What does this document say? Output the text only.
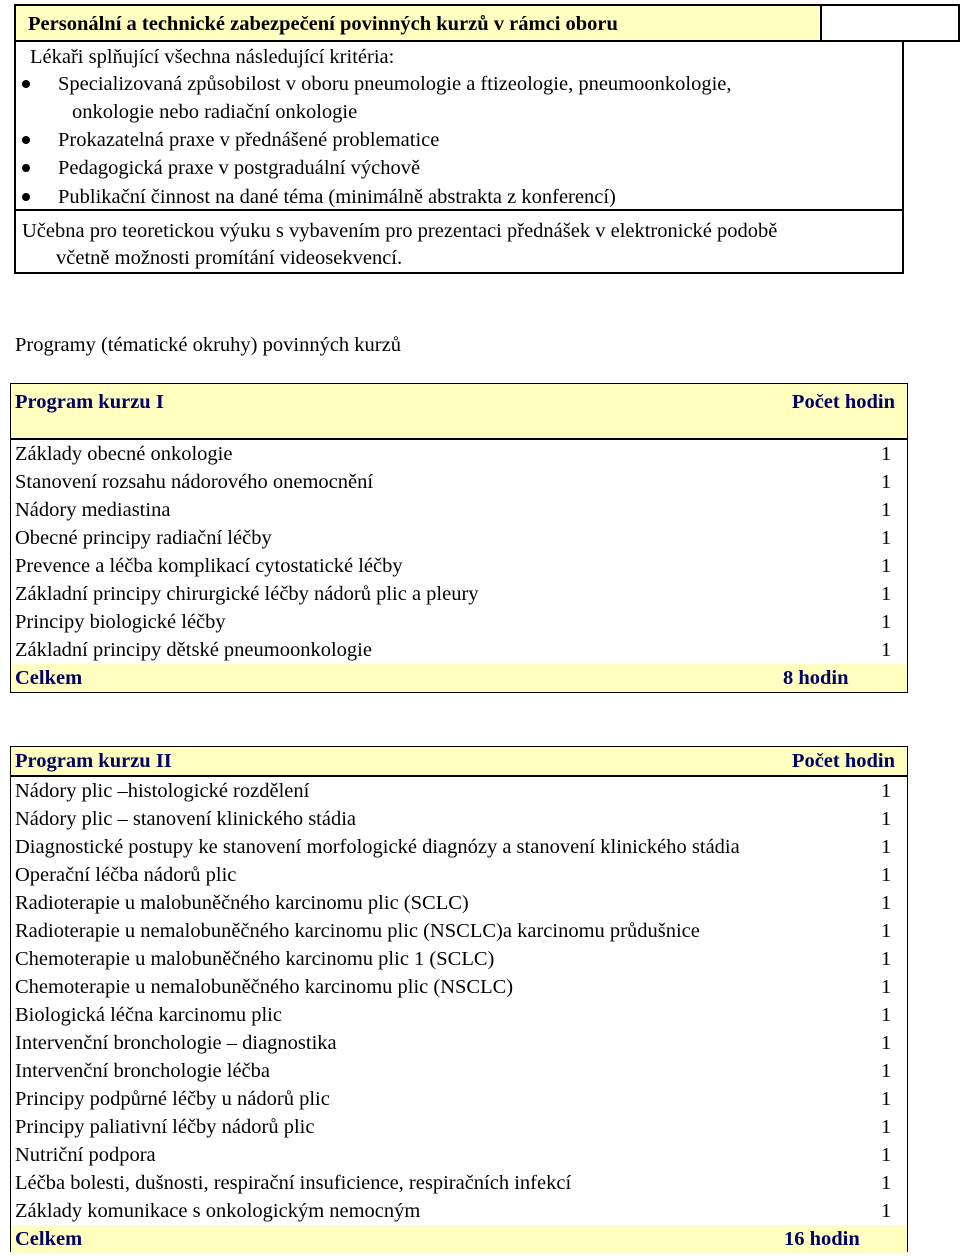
Personální a technické zabezpečení povinných kurzů v rámci oboru
Lékaři splňující všechna následující kritéria:
Specializovaná způsobilost v oboru pneumologie a ftizeologie, pneumoonkologie,
onkologie nebo radiační onkologie
Prokazatelná praxe v přednášené problematice
Pedagogická praxe v postgraduální výchově
Publikační činnost na dané téma (minimálně abstrakta z konferencí)
Učebna pro teoretickou výuku s vybavením pro prezentaci přednášek v elektronické podobě
včetně možnosti promítání videosekvencí.
Programy (tématické okruhy) povinných kurzů
Program kurzu I	Počet hodin
Základy obecné onkologie	1
Stanovení rozsahu nádorového onemocnění	1
Nádory mediastina	1
Obecné principy radiační léčby	1
Prevence a léčba komplikací cytostatické léčby	1
Základní principy chirurgické léčby nádorů plic a pleury	1
Principy biologické léčby	1
Základní principy dětské pneumoonkologie	1
Celkem	8 hodin
Program kurzu II	Počet hodin
Nádory plic –histologické rozdělení	1
Nádory plic – stanovení klinického stádia	1
Diagnostické postupy ke stanovení morfologické diagnózy a stanovení klinického stádia	1
Operační léčba nádorů plic	1
Radioterapie u malobuněčného karcinomu plic (SCLC)	1
Radioterapie u nemalobuněčného karcinomu plic (NSCLC)a karcinomu průdušnice	1
Chemoterapie u malobuněčného karcinomu plic 1 (SCLC)	1
Chemoterapie u nemalobuněčného karcinomu plic (NSCLC)	1
Biologická léčna karcinomu plic	1
Intervenční bronchologie – diagnostika	1
Intervenční bronchologie léčba	1
Principy podpůrné léčby u nádorů plic	1
Principy paliativní léčby nádorů plic	1
Nutriční podpora	1
Léčba bolesti, dušnosti, respirační insuficience, respiračních infekcí	1
Základy komunikace s onkologickým nemocným	1
Celkem	16 hodin
